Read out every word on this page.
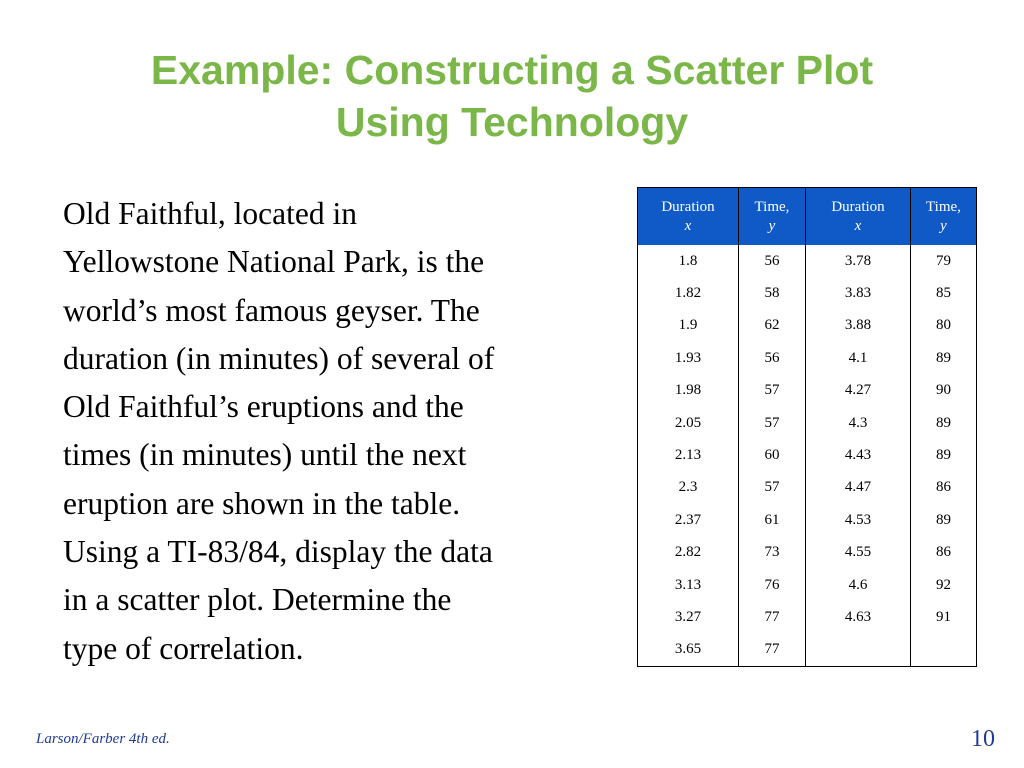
Example: Constructing a Scatter Plot
Using Technology
Old Faithful, located in
Yellowstone National Park, is the
world’s most famous geyser. The
duration (in minutes) of several of
Old Faithful’s eruptions and the
times (in minutes) until the next
eruption are shown in the table.
Using a TI-83/84, display the data
in a scatter plot. Determine the
type of correlation.
Duration
x	Time,
y	Duration
x	Time,
y

1.8	56	3.78	79
1.82	58	3.83	85
1.9	62	3.88	80
1.93	56	4.1	89
1.98	57	4.27	90
2.05	57	4.3	89
2.13	60	4.43	89
2.3	57	4.47	86
2.37	61	4.53	89
2.82	73	4.55	86
3.13	76	4.6	92
3.27	77	4.63	91
3.65	77		
Larson/Farber 4th ed.	10
